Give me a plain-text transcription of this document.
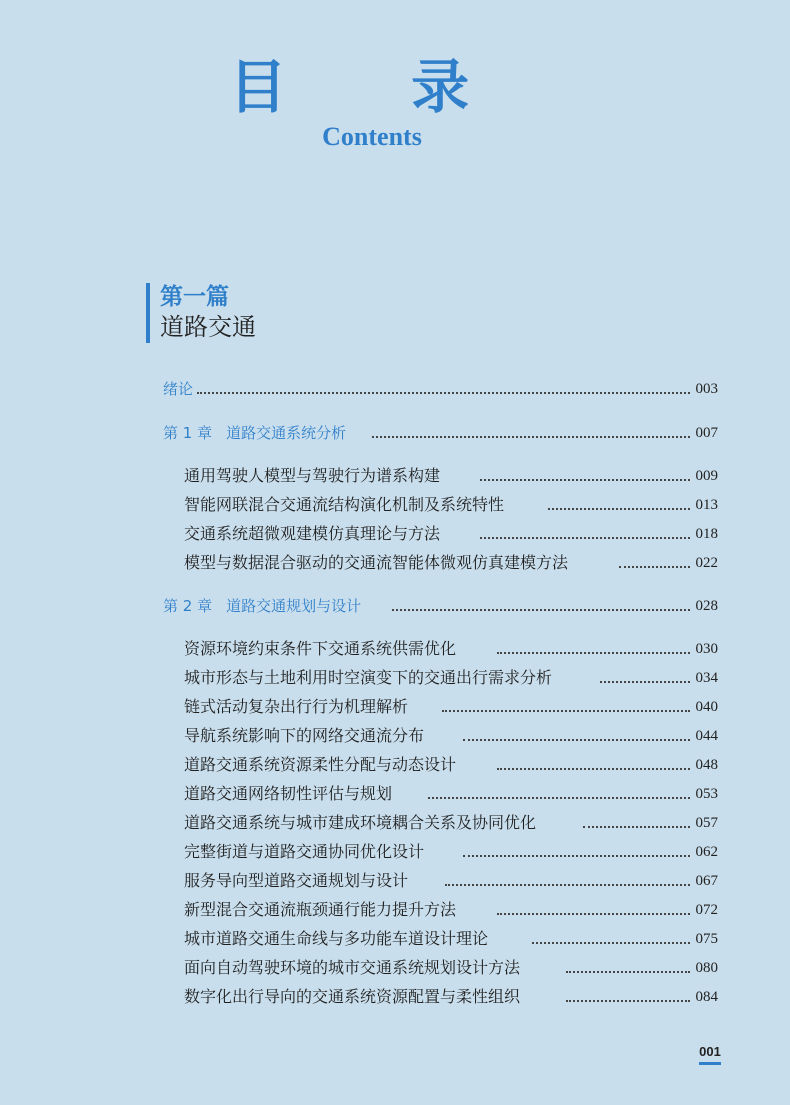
目 录
Contents
第一篇
道路交通
绪论	003
第 1 章 道路交通系统分析	007
通用驾驶人模型与驾驶行为谱系构建	009
智能网联混合交通流结构演化机制及系统特性	013
交通系统超微观建模仿真理论与方法	018
模型与数据混合驱动的交通流智能体微观仿真建模方法	022
第 2 章 道路交通规划与设计	028
资源环境约束条件下交通系统供需优化	030
城市形态与土地利用时空演变下的交通出行需求分析	034
链式活动复杂出行行为机理解析	040
导航系统影响下的网络交通流分布	044
道路交通系统资源柔性分配与动态设计	048
道路交通网络韧性评估与规划	053
道路交通系统与城市建成环境耦合关系及协同优化	057
完整街道与道路交通协同优化设计	062
服务导向型道路交通规划与设计	067
新型混合交通流瓶颈通行能力提升方法	072
城市道路交通生命线与多功能车道设计理论	075
面向自动驾驶环境的城市交通系统规划设计方法	080
数字化出行导向的交通系统资源配置与柔性组织	084
001
